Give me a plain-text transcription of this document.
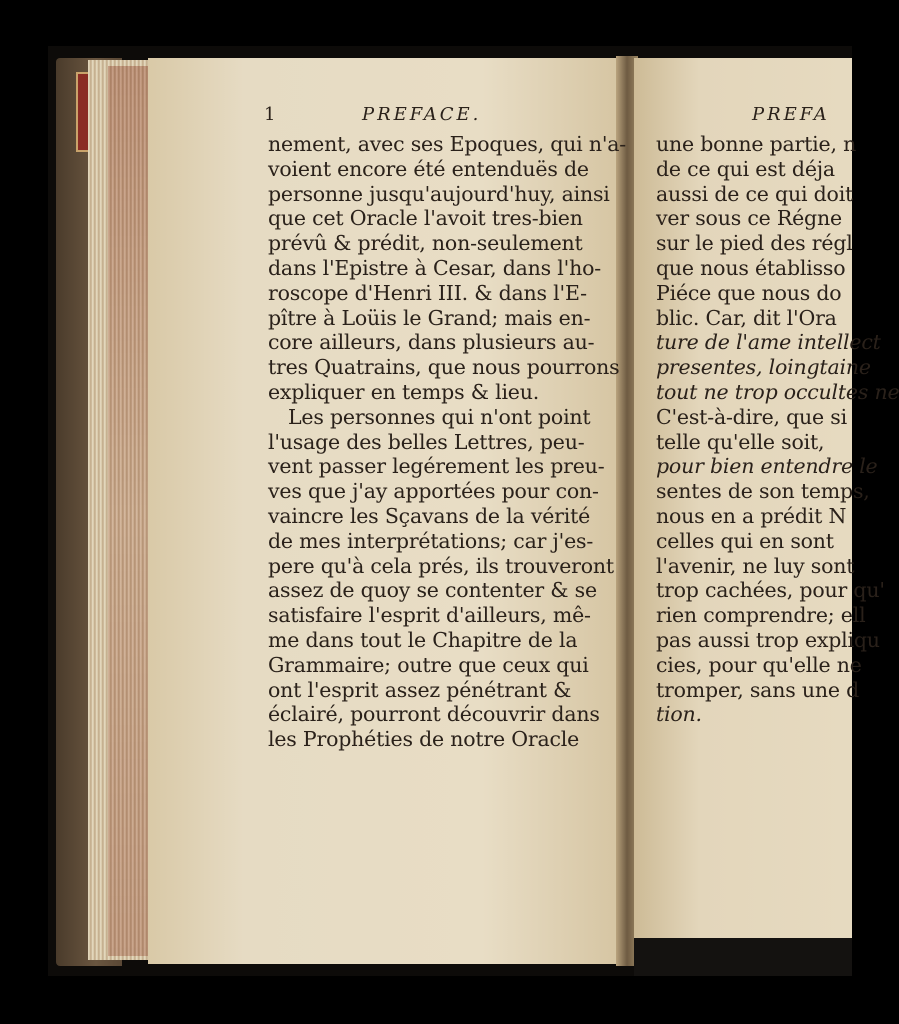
1	PREFACE.	PREFA
nement, avec ses Epoques, qui n'a-
voient encore été entenduës de
personne jusqu'aujourd'huy, ainsi
que cet Oracle l'avoit tres-bien
prévû & prédit, non-seulement
dans l'Epistre à Cesar, dans l'ho-
roscope d'Henri III. & dans l'E-
pître à Loüis le Grand; mais en-
core ailleurs, dans plusieurs au-
tres Quatrains, que nous pourrons
expliquer en temps & lieu.
Les personnes qui n'ont point
l'usage des belles Lettres, peu-
vent passer legérement les preu-
ves que j'ay apportées pour con-
vaincre les Sçavans de la vérité
de mes interprétations; car j'es-
pere qu'à cela prés, ils trouveront
assez de quoy se contenter & se
satisfaire l'esprit d'ailleurs, mê-
me dans tout le Chapitre de la
Grammaire; outre que ceux qui
ont l'esprit assez pénétrant &
éclairé, pourront découvrir dans
les Prophéties de notre Oracle
une bonne partie, n
de ce qui est déja
aussi de ce qui doit
ver sous ce Régne
sur le pied des régl
que nous établisso
Piéce que nous do
blic. Car, dit l'Ora
ture de l'ame intellect
presentes, loingtaine
tout ne trop occultes ne
C'est-à-dire, que si
telle qu'elle soit,
pour bien entendre le
sentes de son temps,
nous en a prédit N
celles qui en sont
l'avenir, ne luy sont
trop cachées, pour qu'
rien comprendre; ell
pas aussi trop expliqu
cies, pour qu'elle ne
tromper, sans une d
tion.
